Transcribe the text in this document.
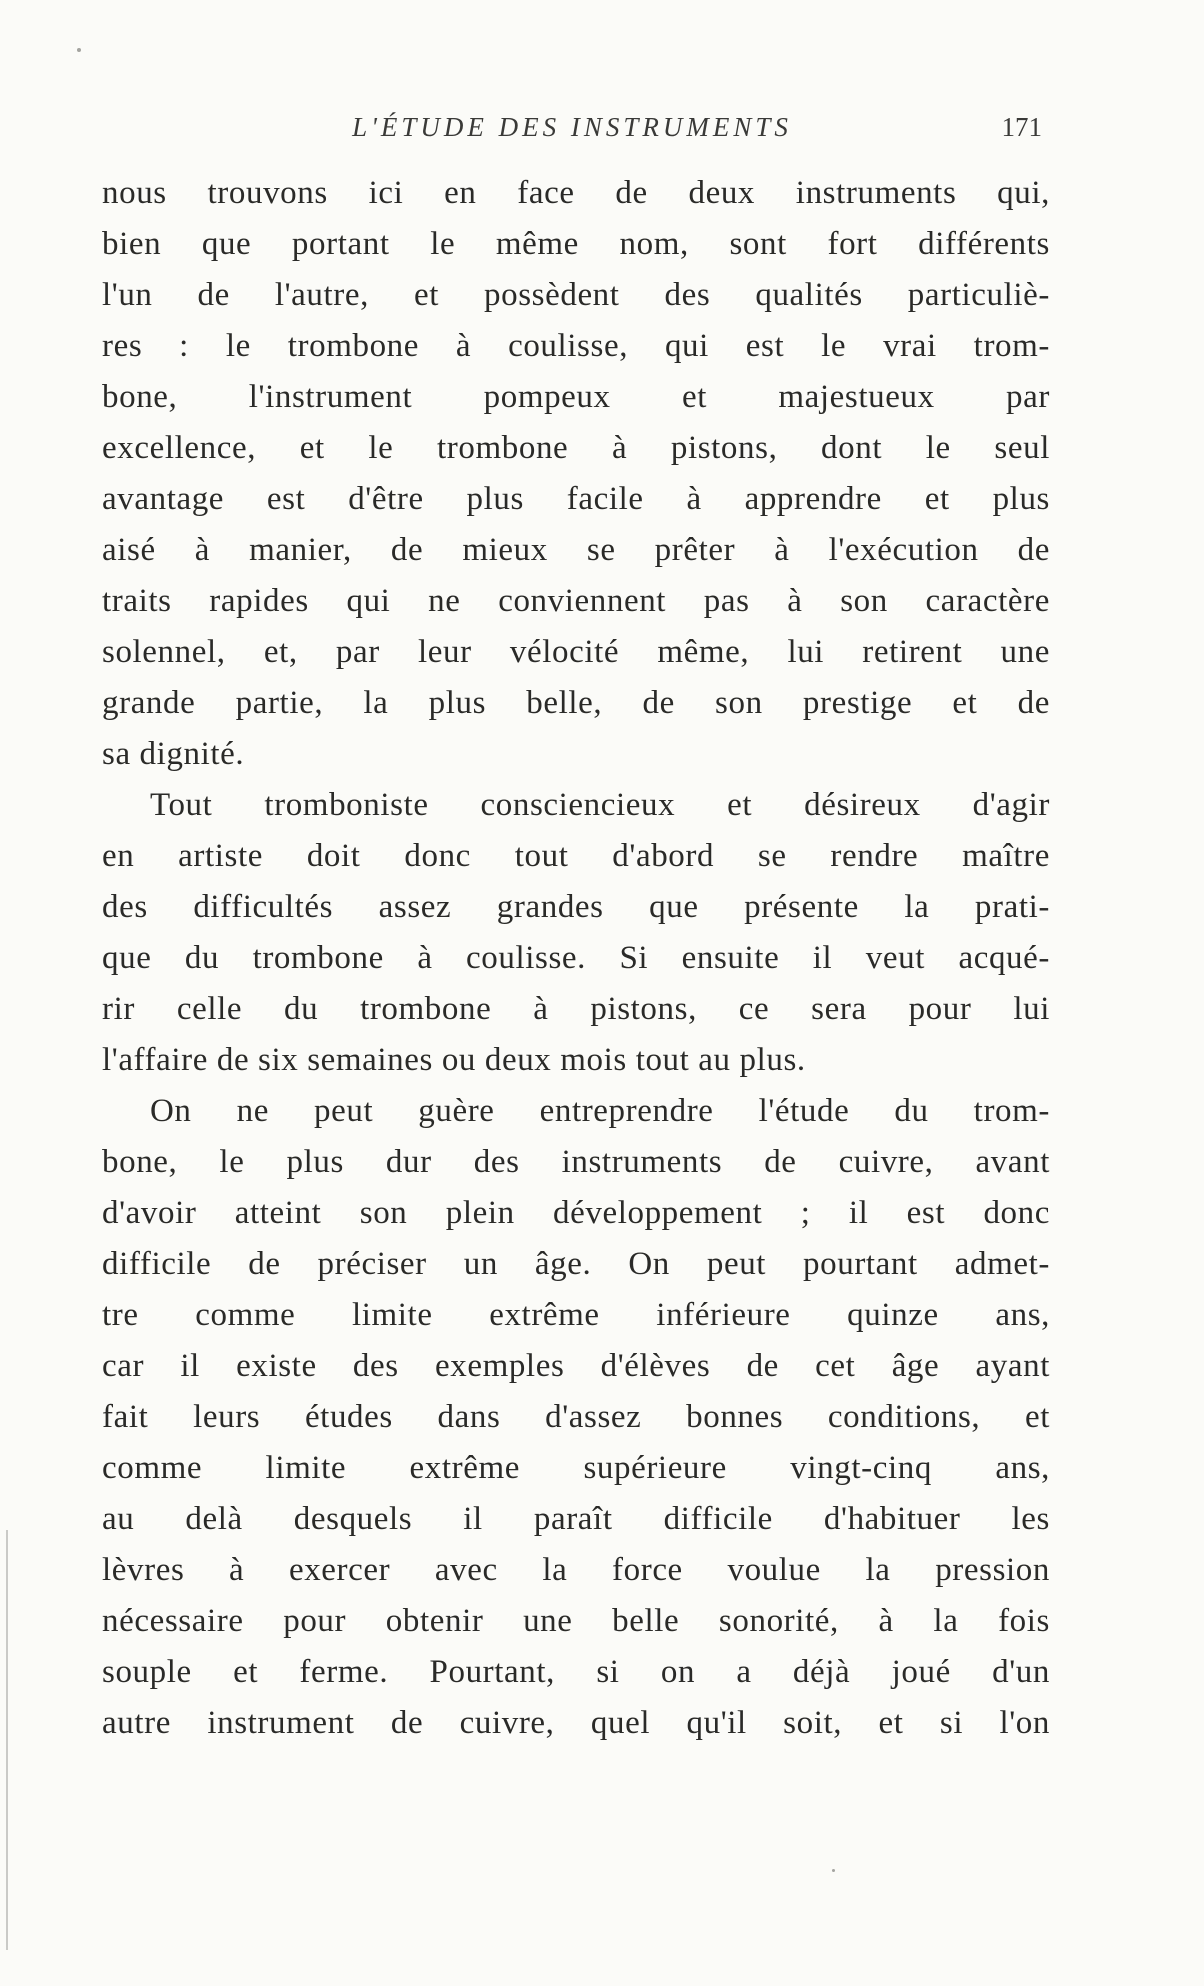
L'ÉTUDE DES INSTRUMENTS	171
nous trouvons ici en face de deux instruments qui,
bien que portant le même nom, sont fort différents
l'un de l'autre, et possèdent des qualités particuliè-
res : le trombone à coulisse, qui est le vrai trom-
bone, l'instrument pompeux et majestueux par
excellence, et le trombone à pistons, dont le seul
avantage est d'être plus facile à apprendre et plus
aisé à manier, de mieux se prêter à l'exécution de
traits rapides qui ne conviennent pas à son caractère
solennel, et, par leur vélocité même, lui retirent une
grande partie, la plus belle, de son prestige et de
sa dignité.
Tout tromboniste consciencieux et désireux d'agir
en artiste doit donc tout d'abord se rendre maître
des difficultés assez grandes que présente la prati-
que du trombone à coulisse. Si ensuite il veut acqué-
rir celle du trombone à pistons, ce sera pour lui
l'affaire de six semaines ou deux mois tout au plus.
On ne peut guère entreprendre l'étude du trom-
bone, le plus dur des instruments de cuivre, avant
d'avoir atteint son plein développement ; il est donc
difficile de préciser un âge. On peut pourtant admet-
tre comme limite extrême inférieure quinze ans,
car il existe des exemples d'élèves de cet âge ayant
fait leurs études dans d'assez bonnes conditions, et
comme limite extrême supérieure vingt-cinq ans,
au delà desquels il paraît difficile d'habituer les
lèvres à exercer avec la force voulue la pression
nécessaire pour obtenir une belle sonorité, à la fois
souple et ferme. Pourtant, si on a déjà joué d'un
autre instrument de cuivre, quel qu'il soit, et si l'on
